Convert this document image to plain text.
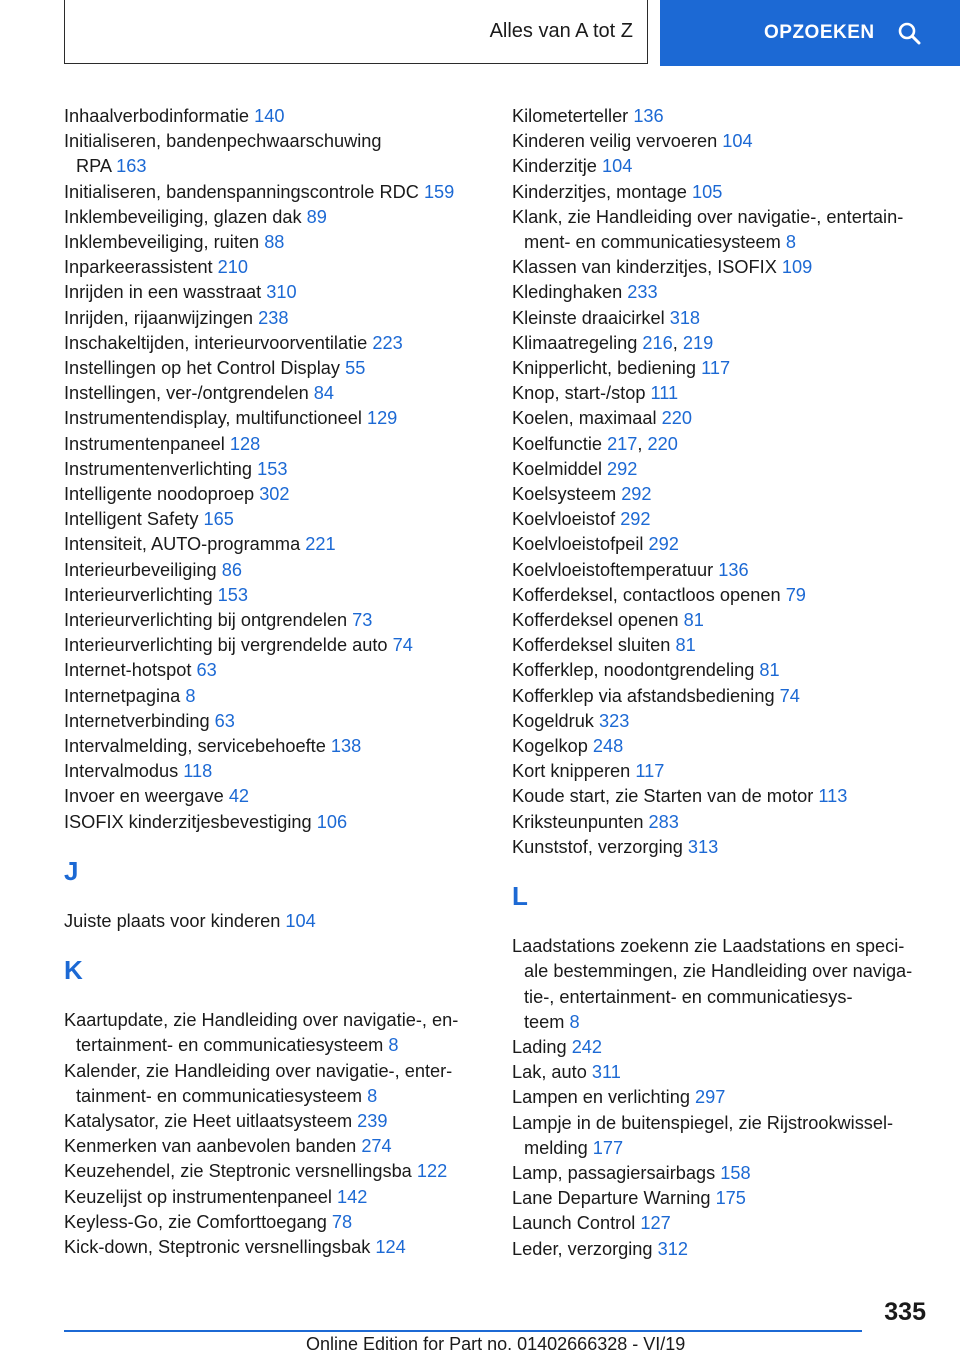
Alles van A tot Z	OPZOEKEN
Inhaalverbodinformatie 140
Initialiseren, bandenpechwaarschuwing
RPA 163
Initialiseren, bandenspanningscontrole RDC 159
Inklembeveiliging, glazen dak 89
Inklembeveiliging, ruiten 88
Inparkeerassistent 210
Inrijden in een wasstraat 310
Inrijden, rijaanwijzingen 238
Inschakeltijden, interieurvoorventilatie 223
Instellingen op het Control Display 55
Instellingen, ver-/ontgrendelen 84
Instrumentendisplay, multifunctioneel 129
Instrumentenpaneel 128
Instrumentenverlichting 153
Intelligente noodoproep 302
Intelligent Safety 165
Intensiteit, AUTO-programma 221
Interieurbeveiliging 86
Interieurverlichting 153
Interieurverlichting bij ontgrendelen 73
Interieurverlichting bij vergrendelde auto 74
Internet-hotspot 63
Internetpagina 8
Internetverbinding 63
Intervalmelding, servicebehoefte 138
Intervalmodus 118
Invoer en weergave 42
ISOFIX kinderzitjesbevestiging 106
J
Juiste plaats voor kinderen 104
K
Kaartupdate, zie Handleiding over navigatie-, en-
tertainment- en communicatiesysteem 8
Kalender, zie Handleiding over navigatie-, enter-
tainment- en communicatiesysteem 8
Katalysator, zie Heet uitlaatsysteem 239
Kenmerken van aanbevolen banden 274
Keuzehendel, zie Steptronic versnellingsba 122
Keuzelijst op instrumentenpaneel 142
Keyless-Go, zie Comforttoegang 78
Kick-down, Steptronic versnellingsbak 124
Kilometerteller 136
Kinderen veilig vervoeren 104
Kinderzitje 104
Kinderzitjes, montage 105
Klank, zie Handleiding over navigatie-, entertain-
ment- en communicatiesysteem 8
Klassen van kinderzitjes, ISOFIX 109
Kledinghaken 233
Kleinste draaicirkel 318
Klimaatregeling 216, 219
Knipperlicht, bediening 117
Knop, start-/stop 111
Koelen, maximaal 220
Koelfunctie 217, 220
Koelmiddel 292
Koelsysteem 292
Koelvloeistof 292
Koelvloeistofpeil 292
Koelvloeistoftemperatuur 136
Kofferdeksel, contactloos openen 79
Kofferdeksel openen 81
Kofferdeksel sluiten 81
Kofferklep, noodontgrendeling 81
Kofferklep via afstandsbediening 74
Kogeldruk 323
Kogelkop 248
Kort knipperen 117
Koude start, zie Starten van de motor 113
Kriksteunpunten 283
Kunststof, verzorging 313
L
Laadstations zoekenn zie Laadstations en speci-
ale bestemmingen, zie Handleiding over naviga-
tie-, entertainment- en communicatiesys-
teem 8
Lading 242
Lak, auto 311
Lampen en verlichting 297
Lampje in de buitenspiegel, zie Rijstrookwissel-
melding 177
Lamp, passagiersairbags 158
Lane Departure Warning 175
Launch Control 127
Leder, verzorging 312
335
Online Edition for Part no. 01402666328 - VI/19
